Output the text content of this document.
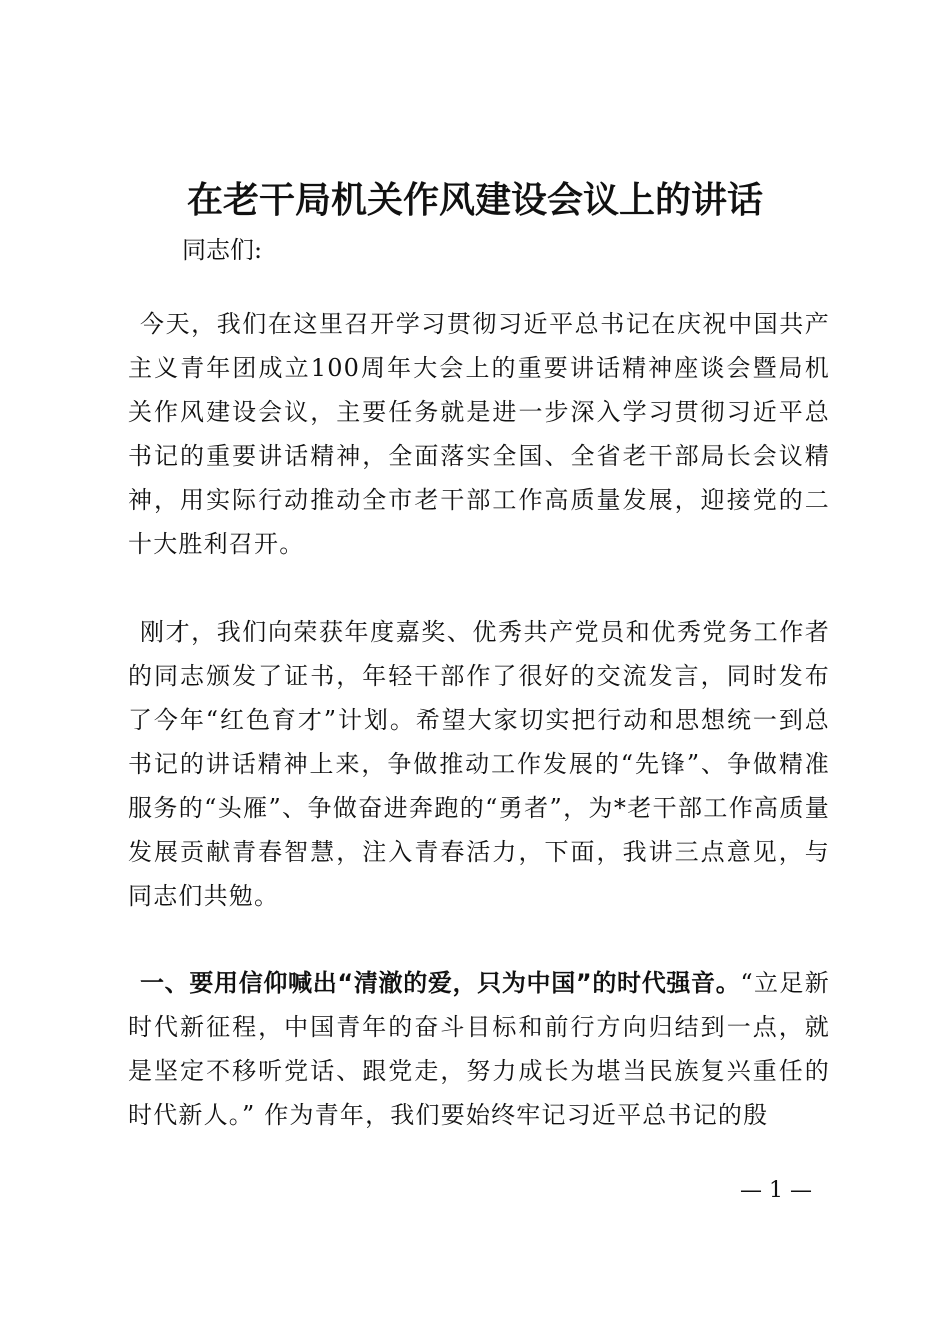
在老干局机关作风建设会议上的讲话

同志们:

今天，我们在这里召开学习贯彻习近平总书记在庆祝中国共产主义青年团成立100周年大会上的重要讲话精神座谈会暨局机关作风建设会议，主要任务就是进一步深入学习贯彻习近平总书记的重要讲话精神，全面落实全国、全省老干部局长会议精神，用实际行动推动全市老干部工作高质量发展，迎接党的二十大胜利召开。

刚才，我们向荣获年度嘉奖、优秀共产党员和优秀党务工作者的同志颁发了证书，年轻干部作了很好的交流发言，同时发布了今年“红色育才”计划。希望大家切实把行动和思想统一到总书记的讲话精神上来，争做推动工作发展的“先锋”、争做精准服务的“头雁”、争做奋进奔跑的“勇者”，为*老干部工作高质量发展贡献青春智慧，注入青春活力，下面，我讲三点意见，与同志们共勉。

一、要用信仰喊出“清澈的爱，只为中国”的时代强音。“立足新时代新征程，中国青年的奋斗目标和前行方向归结到一点，就是坚定不移听党话、跟党走，努力成长为堪当民族复兴重任的时代新人。” 作为青年，我们要始终牢记习近平总书记的殷

— 1 —
